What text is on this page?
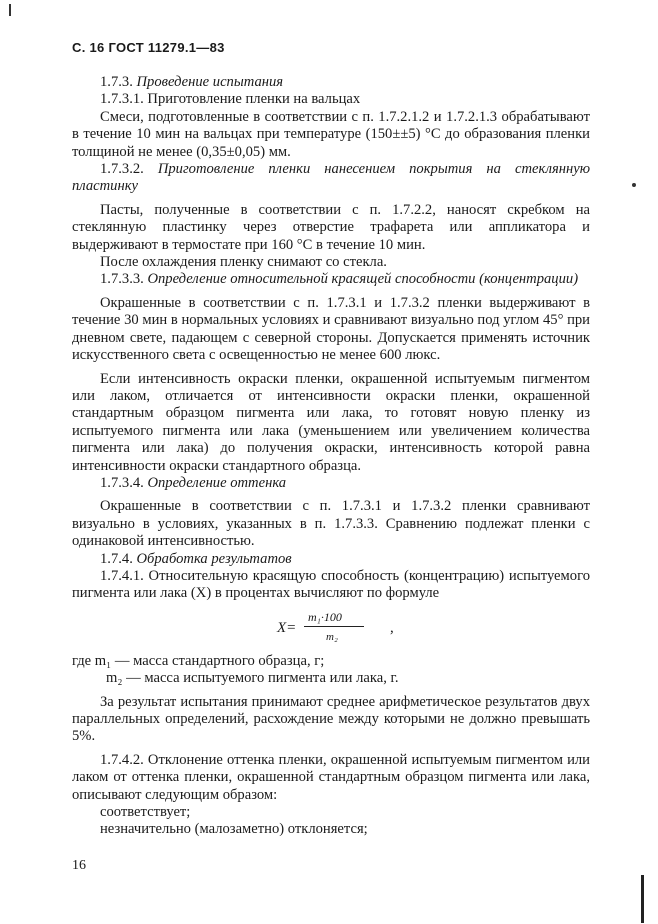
С. 16 ГОСТ 11279.1—83

1.7.3. Проведение испытания

1.7.3.1. Приготовление пленки на вальцах

Смеси, подготовленные в соответствии с п. 1.7.2.1.2 и 1.7.2.1.3 обрабатывают в течение 10 мин на вальцах при температуре (150±±5) °С до образования пленки толщиной не менее (0,35±0,05) мм.

1.7.3.2. Приготовление пленки нанесением покрытия на стеклянную пластинку

Пасты, полученные в соответствии с п. 1.7.2.2, наносят скребком на стеклянную пластинку через отверстие трафарета или аппликатора и выдерживают в термостате при 160 °С в течение 10 мин.

После охлаждения пленку снимают со стекла.

1.7.3.3. Определение относительной красящей способности (концентрации)

Окрашенные в соответствии с п. 1.7.3.1 и 1.7.3.2 пленки выдерживают в течение 30 мин в нормальных условиях и сравнивают визуально под углом 45° при дневном свете, падающем с северной стороны. Допускается применять источник искусственного света с освещенностью не менее 600 люкс.

Если интенсивность окраски пленки, окрашенной испытуемым пигментом или лаком, отличается от интенсивности окраски пленки, окрашенной стандартным образцом пигмента или лака, то готовят новую пленку из испытуемого пигмента или лака (уменьшением или увеличением количества пигмента или лака) до получения окраски, интенсивность которой равна интенсивности окраски стандартного образца.

1.7.3.4. Определение оттенка

Окрашенные в соответствии с п. 1.7.3.1 и 1.7.3.2 пленки сравнивают визуально в условиях, указанных в п. 1.7.3.3. Сравнению подлежат пленки с одинаковой интенсивностью.

1.7.4. Обработка результатов

1.7.4.1. Относительную красящую способность (концентрацию) испытуемого пигмента или лака (X) в процентах вычисляют по формуле

X=
m₁·100
m₂
,

где m₁ — масса стандартного образца, г;

m₂ — масса испытуемого пигмента или лака, г.

За результат испытания принимают среднее арифметическое результатов двух параллельных определений, расхождение между которыми не должно превышать 5%.

1.7.4.2. Отклонение оттенка пленки, окрашенной испытуемым пигментом или лаком от оттенка пленки, окрашенной стандартным образцом пигмента или лака, описывают следующим образом:

соответствует;

незначительно (малозаметно) отклоняется;

16
